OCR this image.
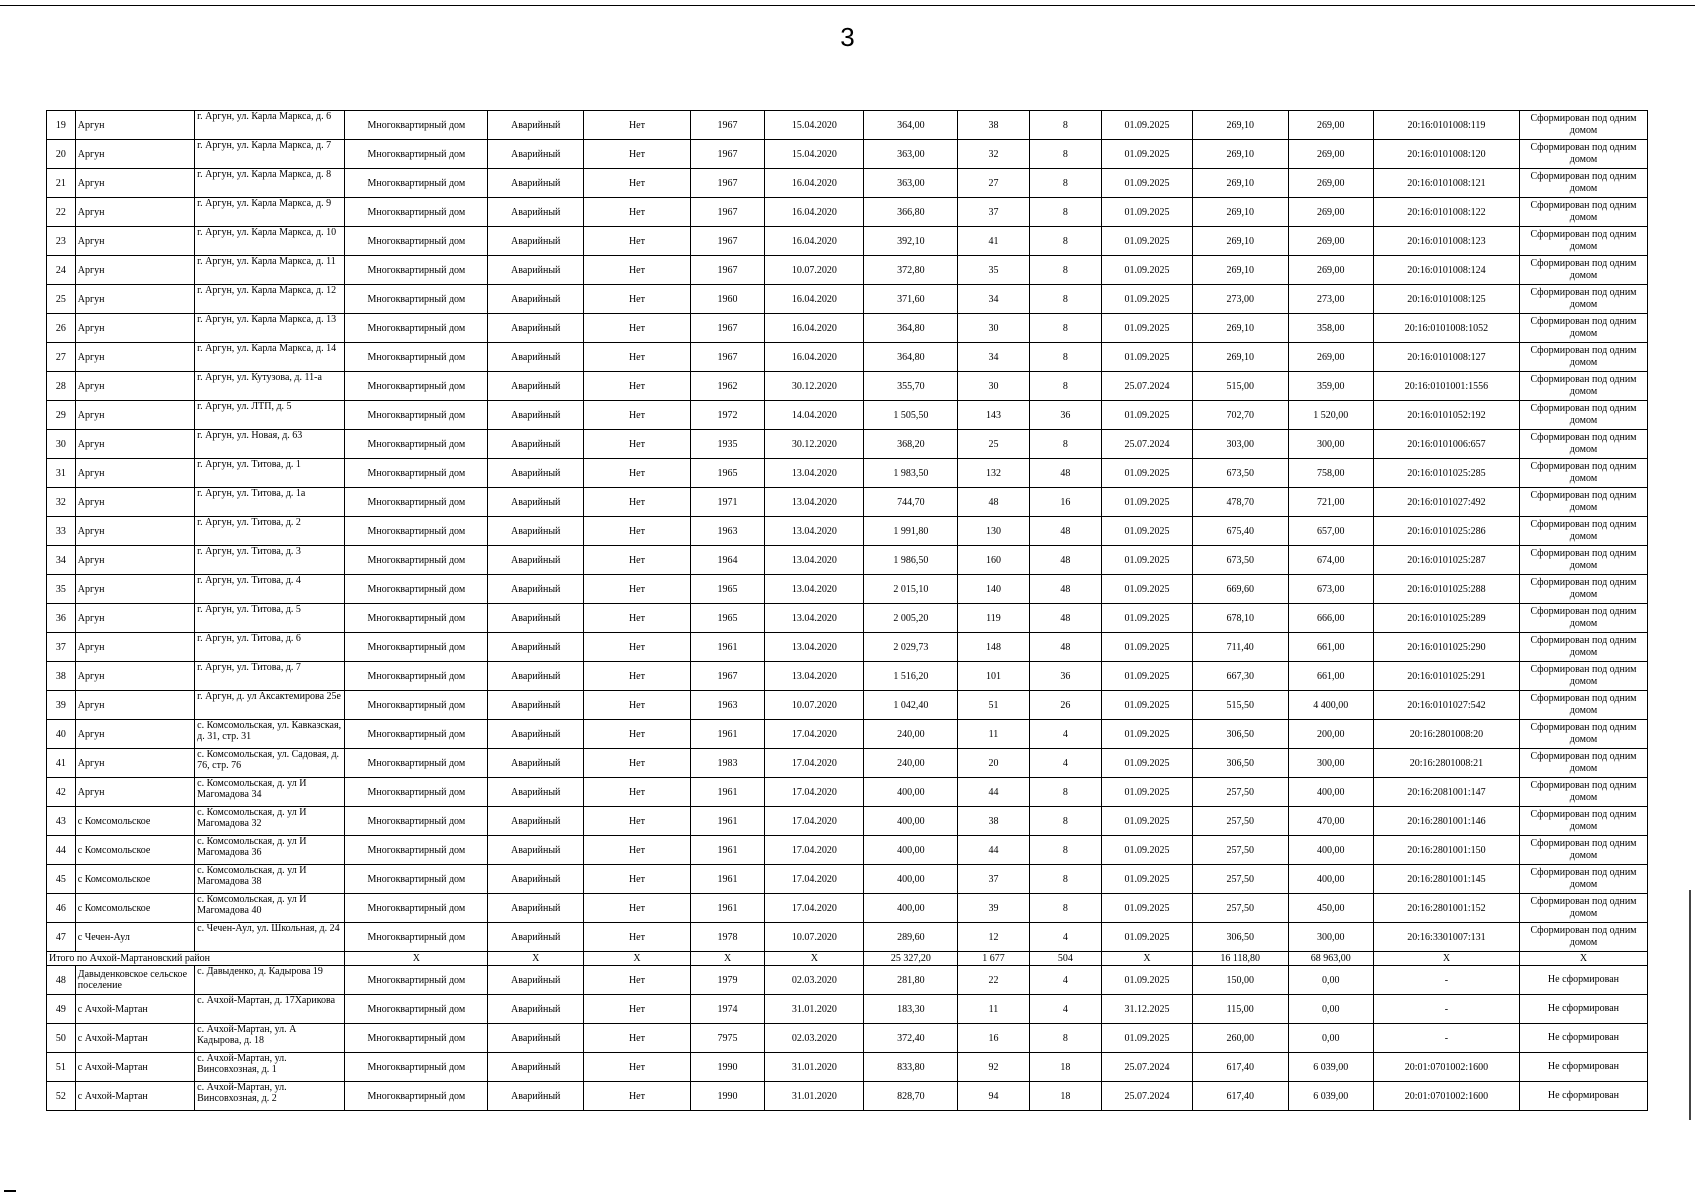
3
19	Аргун	г. Аргун, ул. Карла Маркса, д. 6	Многоквартирный дом	Аварийный	Нет	1967	15.04.2020	364,00	38	8	01.09.2025	269,10	269,00	20:16:0101008:119	Сформирован под одним домом
20	Аргун	г. Аргун, ул. Карла Маркса, д. 7	Многоквартирный дом	Аварийный	Нет	1967	15.04.2020	363,00	32	8	01.09.2025	269,10	269,00	20:16:0101008:120	Сформирован под одним домом
21	Аргун	г. Аргун, ул. Карла Маркса, д. 8	Многоквартирный дом	Аварийный	Нет	1967	16.04.2020	363,00	27	8	01.09.2025	269,10	269,00	20:16:0101008:121	Сформирован под одним домом
22	Аргун	г. Аргун, ул. Карла Маркса, д. 9	Многоквартирный дом	Аварийный	Нет	1967	16.04.2020	366,80	37	8	01.09.2025	269,10	269,00	20:16:0101008:122	Сформирован под одним домом
23	Аргун	г. Аргун, ул. Карла Маркса, д. 10	Многоквартирный дом	Аварийный	Нет	1967	16.04.2020	392,10	41	8	01.09.2025	269,10	269,00	20:16:0101008:123	Сформирован под одним домом
24	Аргун	г. Аргун, ул. Карла Маркса, д. 11	Многоквартирный дом	Аварийный	Нет	1967	10.07.2020	372,80	35	8	01.09.2025	269,10	269,00	20:16:0101008:124	Сформирован под одним домом
25	Аргун	г. Аргун, ул. Карла Маркса, д. 12	Многоквартирный дом	Аварийный	Нет	1960	16.04.2020	371,60	34	8	01.09.2025	273,00	273,00	20:16:0101008:125	Сформирован под одним домом
26	Аргун	г. Аргун, ул. Карла Маркса, д. 13	Многоквартирный дом	Аварийный	Нет	1967	16.04.2020	364,80	30	8	01.09.2025	269,10	358,00	20:16:0101008:1052	Сформирован под одним домом
27	Аргун	г. Аргун, ул. Карла Маркса, д. 14	Многоквартирный дом	Аварийный	Нет	1967	16.04.2020	364,80	34	8	01.09.2025	269,10	269,00	20:16:0101008:127	Сформирован под одним домом
28	Аргун	г. Аргун, ул. Кутузова, д. 11-а	Многоквартирный дом	Аварийный	Нет	1962	30.12.2020	355,70	30	8	25.07.2024	515,00	359,00	20:16:0101001:1556	Сформирован под одним домом
29	Аргун	г. Аргун, ул. ЛТП, д. 5	Многоквартирный дом	Аварийный	Нет	1972	14.04.2020	1 505,50	143	36	01.09.2025	702,70	1 520,00	20:16:0101052:192	Сформирован под одним домом
30	Аргун	г. Аргун, ул. Новая, д. 63	Многоквартирный дом	Аварийный	Нет	1935	30.12.2020	368,20	25	8	25.07.2024	303,00	300,00	20:16:0101006:657	Сформирован под одним домом
31	Аргун	г. Аргун, ул. Титова, д. 1	Многоквартирный дом	Аварийный	Нет	1965	13.04.2020	1 983,50	132	48	01.09.2025	673,50	758,00	20:16:0101025:285	Сформирован под одним домом
32	Аргун	г. Аргун, ул. Титова, д. 1а	Многоквартирный дом	Аварийный	Нет	1971	13.04.2020	744,70	48	16	01.09.2025	478,70	721,00	20:16:0101027:492	Сформирован под одним домом
33	Аргун	г. Аргун, ул. Титова, д. 2	Многоквартирный дом	Аварийный	Нет	1963	13.04.2020	1 991,80	130	48	01.09.2025	675,40	657,00	20:16:0101025:286	Сформирован под одним домом
34	Аргун	г. Аргун, ул. Титова, д. 3	Многоквартирный дом	Аварийный	Нет	1964	13.04.2020	1 986,50	160	48	01.09.2025	673,50	674,00	20:16:0101025:287	Сформирован под одним домом
35	Аргун	г. Аргун, ул. Титова, д. 4	Многоквартирный дом	Аварийный	Нет	1965	13.04.2020	2 015,10	140	48	01.09.2025	669,60	673,00	20:16:0101025:288	Сформирован под одним домом
36	Аргун	г. Аргун, ул. Титова, д. 5	Многоквартирный дом	Аварийный	Нет	1965	13.04.2020	2 005,20	119	48	01.09.2025	678,10	666,00	20:16:0101025:289	Сформирован под одним домом
37	Аргун	г. Аргун, ул. Титова, д. 6	Многоквартирный дом	Аварийный	Нет	1961	13.04.2020	2 029,73	148	48	01.09.2025	711,40	661,00	20:16:0101025:290	Сформирован под одним домом
38	Аргун	г. Аргун, ул. Титова, д. 7	Многоквартирный дом	Аварийный	Нет	1967	13.04.2020	1 516,20	101	36	01.09.2025	667,30	661,00	20:16:0101025:291	Сформирован под одним домом
39	Аргун	г. Аргун, д. ул Аксактемирова 25е	Многоквартирный дом	Аварийный	Нет	1963	10.07.2020	1 042,40	51	26	01.09.2025	515,50	4 400,00	20:16:0101027:542	Сформирован под одним домом
40	Аргун	с. Комсомольская, ул. Кавказская, д. 31, стр. 31	Многоквартирный дом	Аварийный	Нет	1961	17.04.2020	240,00	11	4	01.09.2025	306,50	200,00	20:16:2801008:20	Сформирован под одним домом
41	Аргун	с. Комсомольская, ул. Садовая, д. 76, стр. 76	Многоквартирный дом	Аварийный	Нет	1983	17.04.2020	240,00	20	4	01.09.2025	306,50	300,00	20:16:2801008:21	Сформирован под одним домом
42	Аргун	с. Комсомольская, д. ул И Магомадова 34	Многоквартирный дом	Аварийный	Нет	1961	17.04.2020	400,00	44	8	01.09.2025	257,50	400,00	20:16:2081001:147	Сформирован под одним домом
43	с Комсомольское	с. Комсомольская, д. ул И Магомадова 32	Многоквартирный дом	Аварийный	Нет	1961	17.04.2020	400,00	38	8	01.09.2025	257,50	470,00	20:16:2801001:146	Сформирован под одним домом
44	с Комсомольское	с. Комсомольская, д. ул И Магомадова 36	Многоквартирный дом	Аварийный	Нет	1961	17.04.2020	400,00	44	8	01.09.2025	257,50	400,00	20:16:2801001:150	Сформирован под одним домом
45	с Комсомольское	с. Комсомольская, д. ул И Магомадова 38	Многоквартирный дом	Аварийный	Нет	1961	17.04.2020	400,00	37	8	01.09.2025	257,50	400,00	20:16:2801001:145	Сформирован под одним домом
46	с Комсомольское	с. Комсомольская, д. ул И Магомадова 40	Многоквартирный дом	Аварийный	Нет	1961	17.04.2020	400,00	39	8	01.09.2025	257,50	450,00	20:16:2801001:152	Сформирован под одним домом
47	с Чечен-Аул	с. Чечен-Аул, ул. Школьная, д. 24	Многоквартирный дом	Аварийный	Нет	1978	10.07.2020	289,60	12	4	01.09.2025	306,50	300,00	20:16:3301007:131	Сформирован под одним домом
Итого по Ачхой-Мартановский район			X	X	X	X	X	25 327,20	1 677	504	X	16 118,80	68 963,00	X	X
48	Давыденковское сельское поселение	с. Давыденко, д. Кадырова 19	Многоквартирный дом	Аварийный	Нет	1979	02.03.2020	281,80	22	4	01.09.2025	150,00	0,00	-	Не сформирован
49	с Ачхой-Мартан	с. Ачхой-Мартан, д. 17Харикова	Многоквартирный дом	Аварийный	Нет	1974	31.01.2020	183,30	11	4	31.12.2025	115,00	0,00	-	Не сформирован
50	с Ачхой-Мартан	с. Ачхой-Мартан, ул. А Кадырова, д. 18	Многоквартирный дом	Аварийный	Нет	7975	02.03.2020	372,40	16	8	01.09.2025	260,00	0,00	-	Не сформирован
51	с Ачхой-Мартан	с. Ачхой-Мартан, ул. Винсовхозная, д. 1	Многоквартирный дом	Аварийный	Нет	1990	31.01.2020	833,80	92	18	25.07.2024	617,40	6 039,00	20:01:0701002:1600	Не сформирован
52	с Ачхой-Мартан	с. Ачхой-Мартан, ул. Винсовхозная, д. 2	Многоквартирный дом	Аварийный	Нет	1990	31.01.2020	828,70	94	18	25.07.2024	617,40	6 039,00	20:01:0701002:1600	Не сформирован
